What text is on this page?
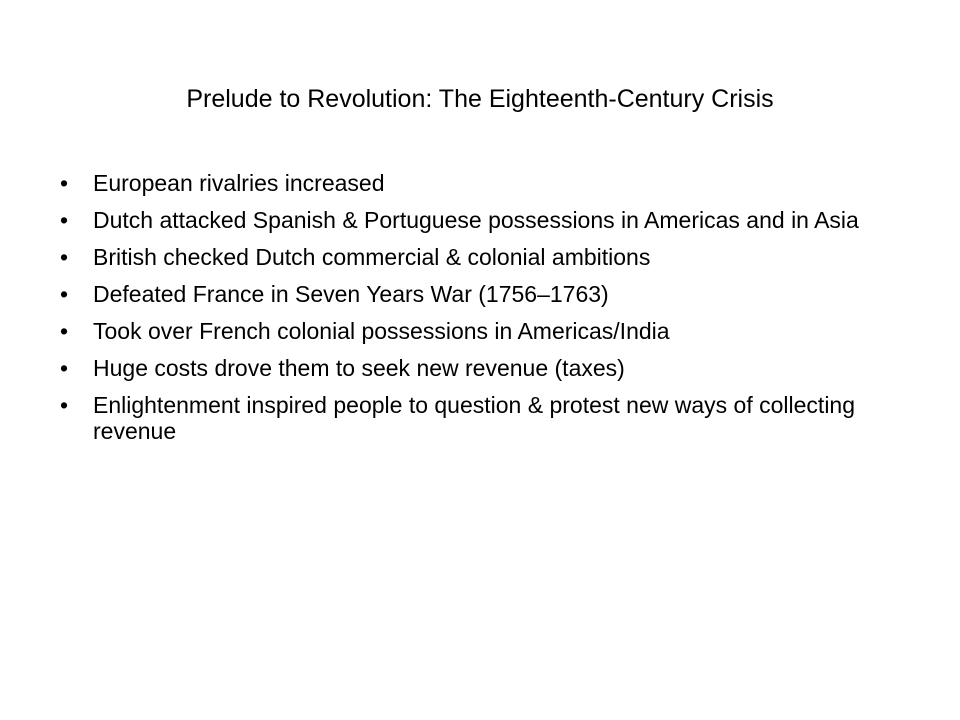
Prelude to Revolution: The Eighteenth-Century Crisis
• European rivalries increased
• Dutch attacked Spanish & Portuguese possessions in Americas and in Asia
• British checked Dutch commercial & colonial ambitions
• Defeated France in Seven Years War (1756–1763)
• Took over French colonial possessions in Americas/India
• Huge costs drove them to seek new revenue (taxes)
• Enlightenment inspired people to question & protest new ways of collecting revenue
